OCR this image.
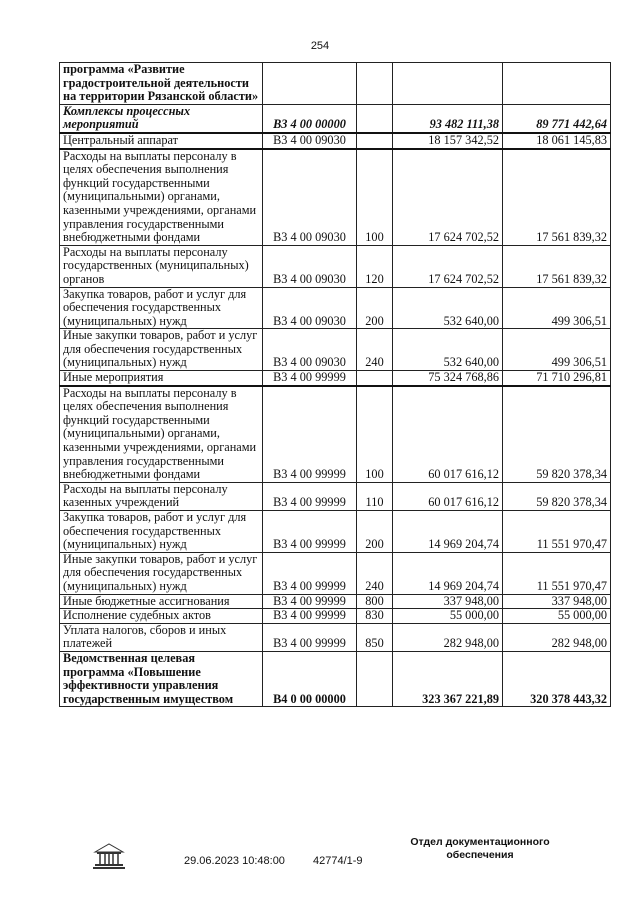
254
программа «Развитие градостроительной деятельности на территории Рязанской области»				
Комплексы процессных мероприятий	В3 4 00 00000		93 482 111,38	89 771 442,64
Центральный аппарат	В3 4 00 09030		18 157 342,52	18 061 145,83
Расходы на выплаты персоналу в целях обеспечения выполнения функций государственными (муниципальными) органами, казенными учреждениями, органами управления государственными внебюджетными фондами	В3 4 00 09030	100	17 624 702,52	17 561 839,32
Расходы на выплаты персоналу государственных (муниципальных) органов	В3 4 00 09030	120	17 624 702,52	17 561 839,32
Закупка товаров, работ и услуг для обеспечения государственных (муниципальных) нужд	В3 4 00 09030	200	532 640,00	499 306,51
Иные закупки товаров, работ и услуг для обеспечения государственных (муниципальных) нужд	В3 4 00 09030	240	532 640,00	499 306,51
Иные мероприятия	В3 4 00 99999		75 324 768,86	71 710 296,81
Расходы на выплаты персоналу в целях обеспечения выполнения функций государственными (муниципальными) органами, казенными учреждениями, органами управления государственными внебюджетными фондами	В3 4 00 99999	100	60 017 616,12	59 820 378,34
Расходы на выплаты персоналу казенных учреждений	В3 4 00 99999	110	60 017 616,12	59 820 378,34
Закупка товаров, работ и услуг для обеспечения государственных (муниципальных) нужд	В3 4 00 99999	200	14 969 204,74	11 551 970,47
Иные закупки товаров, работ и услуг для обеспечения государственных (муниципальных) нужд	В3 4 00 99999	240	14 969 204,74	11 551 970,47
Иные бюджетные ассигнования	В3 4 00 99999	800	337 948,00	337 948,00
Исполнение судебных актов	В3 4 00 99999	830	55 000,00	55 000,00
Уплата налогов, сборов и иных платежей	В3 4 00 99999	850	282 948,00	282 948,00
Ведомственная целевая программа «Повышение эффективности управления государственным имуществом	В4 0 00 00000		323 367 221,89	320 378 443,32
29.06.2023 10:48:00	42774/1-9
Отдел документационного обеспечения
